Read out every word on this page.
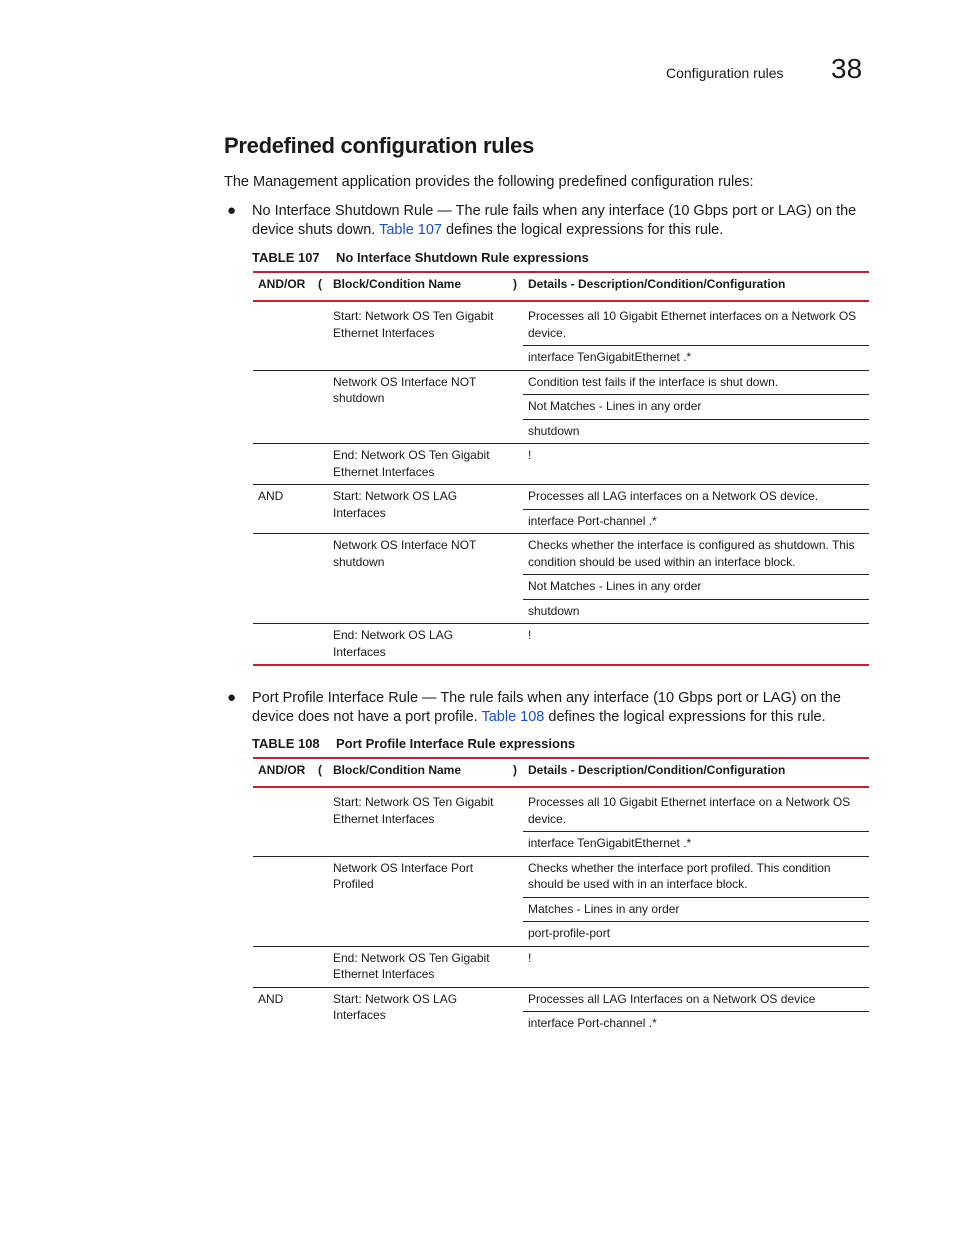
Configuration rules 38
Predefined configuration rules

The Management application provides the following predefined configuration rules:

● No Interface Shutdown Rule — The rule fails when any interface (10 Gbps port or LAG) on the device shuts down. Table 107 defines the logical expressions for this rule.

TABLE 107 No Interface Shutdown Rule expressions
AND/OR	(	Block/Condition Name	)	Details - Description/Condition/Configuration
		Start: Network OS Ten Gigabit Ethernet Interfaces		Processes all 10 Gigabit Ethernet interfaces on a Network OS device.
				interface TenGigabitEthernet .*
		Network OS Interface NOT shutdown		Condition test fails if the interface is shut down.
				Not Matches - Lines in any order
				shutdown
		End: Network OS Ten Gigabit Ethernet Interfaces		!
AND		Start: Network OS LAG Interfaces		Processes all LAG interfaces on a Network OS device.
				interface Port-channel .*
		Network OS Interface NOT shutdown		Checks whether the interface is configured as shutdown. This condition should be used within an interface block.
				Not Matches - Lines in any order
				shutdown
		End: Network OS LAG Interfaces		!

● Port Profile Interface Rule — The rule fails when any interface (10 Gbps port or LAG) on the device does not have a port profile. Table 108 defines the logical expressions for this rule.

TABLE 108 Port Profile Interface Rule expressions
AND/OR	(	Block/Condition Name	)	Details - Description/Condition/Configuration
		Start: Network OS Ten Gigabit Ethernet Interfaces		Processes all 10 Gigabit Ethernet interface on a Network OS device.
				interface TenGigabitEthernet .*
		Network OS Interface Port Profiled		Checks whether the interface port profiled. This condition should be used with in an interface block.
				Matches - Lines in any order
				port-profile-port
		End: Network OS Ten Gigabit Ethernet Interfaces		!
AND		Start: Network OS LAG Interfaces		Processes all LAG Interfaces on a Network OS device
				interface Port-channel .*
